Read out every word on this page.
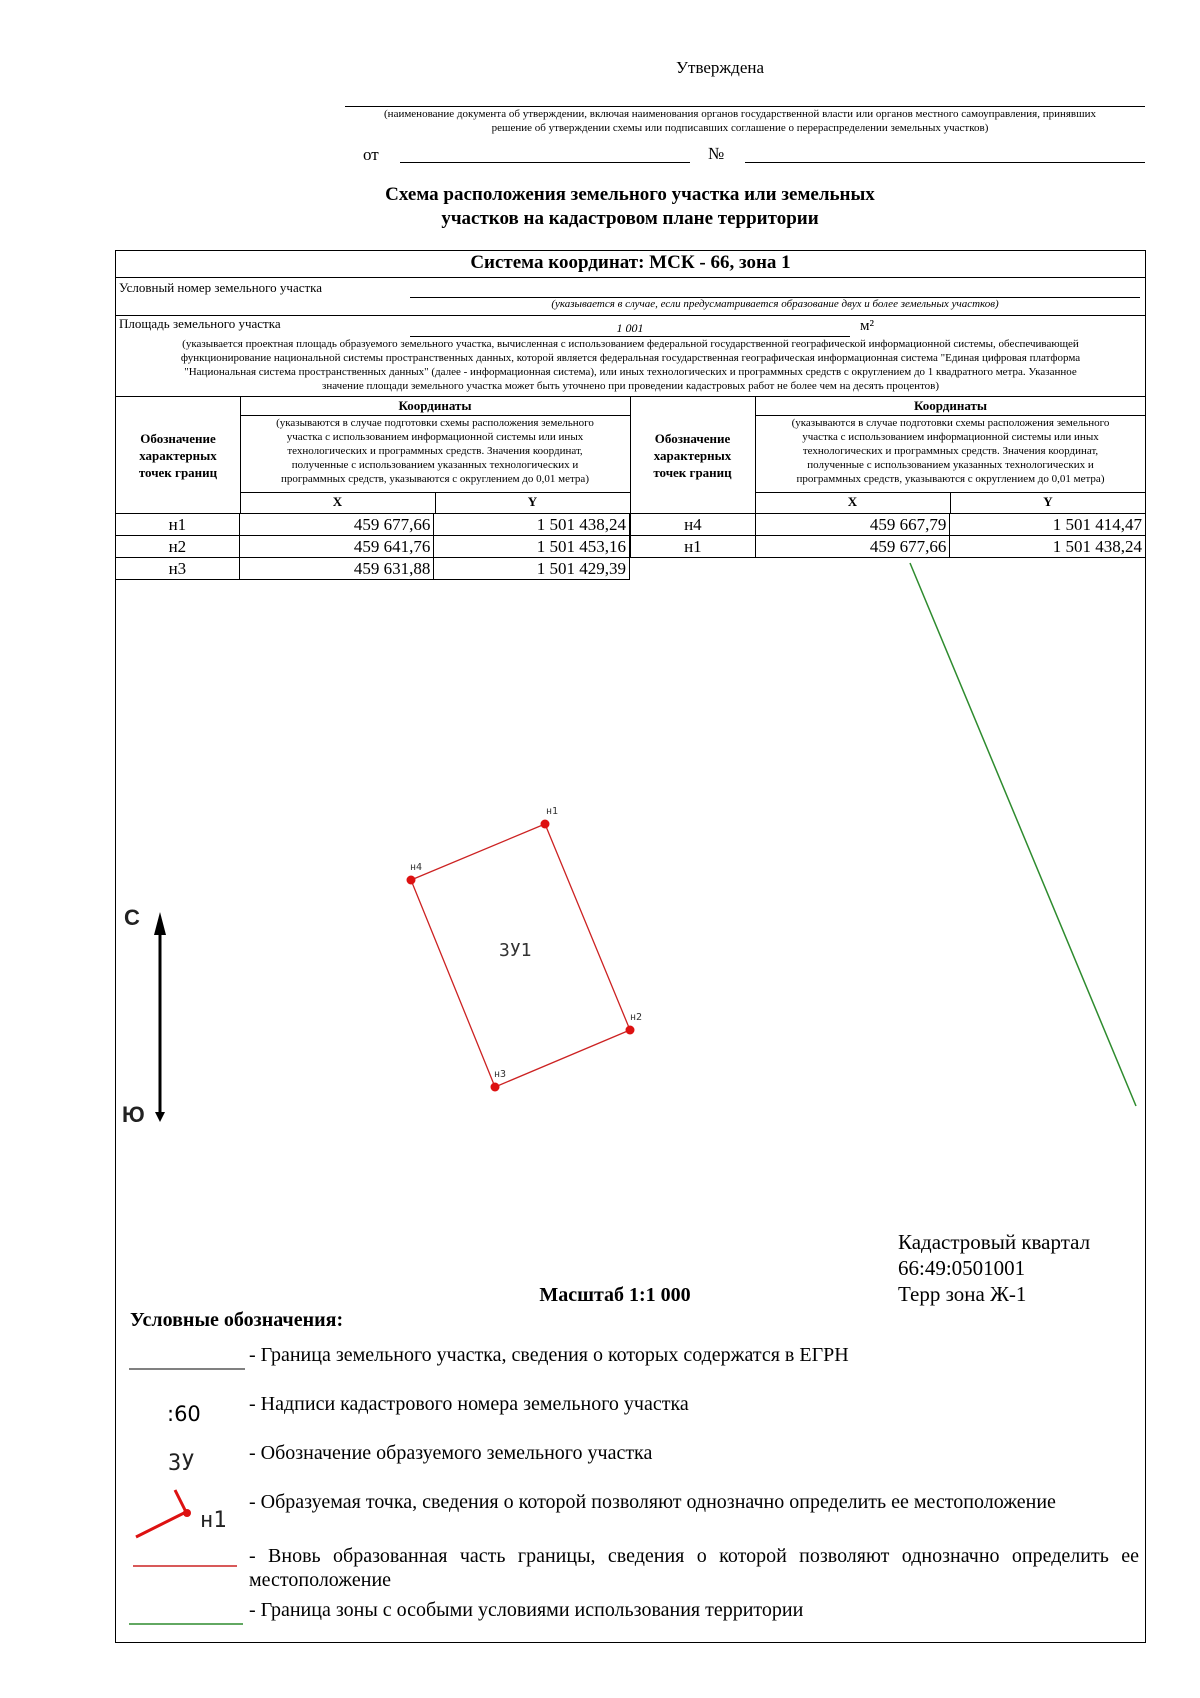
Утверждена
(наименование документа об утверждении, включая наименования органов государственной власти или органов местного самоуправления, принявших
решение об утверждении схемы или подписавших соглашение о перераспределении земельных участков)
от	№
Схема расположения земельного участка или земельных
участков на кадастровом плане территории
Система координат: МСК - 66, зона 1
Условный номер земельного участка
(указывается в случае, если предусматривается образование двух и более земельных участков)
Площадь земельного участка	1 001	м²
(указывается проектная площадь образуемого земельного участка, вычисленная с использованием федеральной государственной географической информационной системы, обеспечивающей
функционирование национальной системы пространственных данных, которой является федеральная государственная географическая информационная система "Единая цифровая платформа
"Национальная система пространственных данных" (далее - информационная система), или иных технологических и программных средств с округлением до 1 квадратного метра. Указанное
значение площади земельного участка может быть уточнено при проведении кадастровых работ не более чем на десять процентов)
Обозначение
характерных
точек границ
Координаты
(указываются в случае подготовки схемы расположения земельного
участка с использованием информационной системы или иных
технологических и программных средств. Значения координат,
полученные с использованием указанных технологических и
программных средств, указываются с округлением до 0,01 метра)
X	Y
Обозначение
характерных
точек границ
Координаты
(указываются в случае подготовки схемы расположения земельного
участка с использованием информационной системы или иных
технологических и программных средств. Значения координат,
полученные с использованием указанных технологических и
программных средств, указываются с округлением до 0,01 метра)
X	Y
н1	459 677,66	1 501 438,24
н2	459 641,76	1 501 453,16
н3	459 631,88	1 501 429,39
н4	459 667,79	1 501 414,47
н1	459 677,66	1 501 438,24
н1
н2
н3
н4
ЗУ1
С
Ю
Кадастровый квартал
66:49:0501001
Терр зона Ж-1
Масштаб 1:1 000
Условные обозначения:
- Граница земельного участка, сведения о которых содержатся в ЕГРН
:60 - Надписи кадастрового номера земельного участка
ЗУ	- Обозначение образуемого земельного участка
н1
- Образуемая точка, сведения о которой позволяют однозначно определить ее местоположение
- Вновь образованная часть границы, сведения о которой позволяют однозначно определить ее местоположение
- Граница зоны с особыми условиями использования территории
